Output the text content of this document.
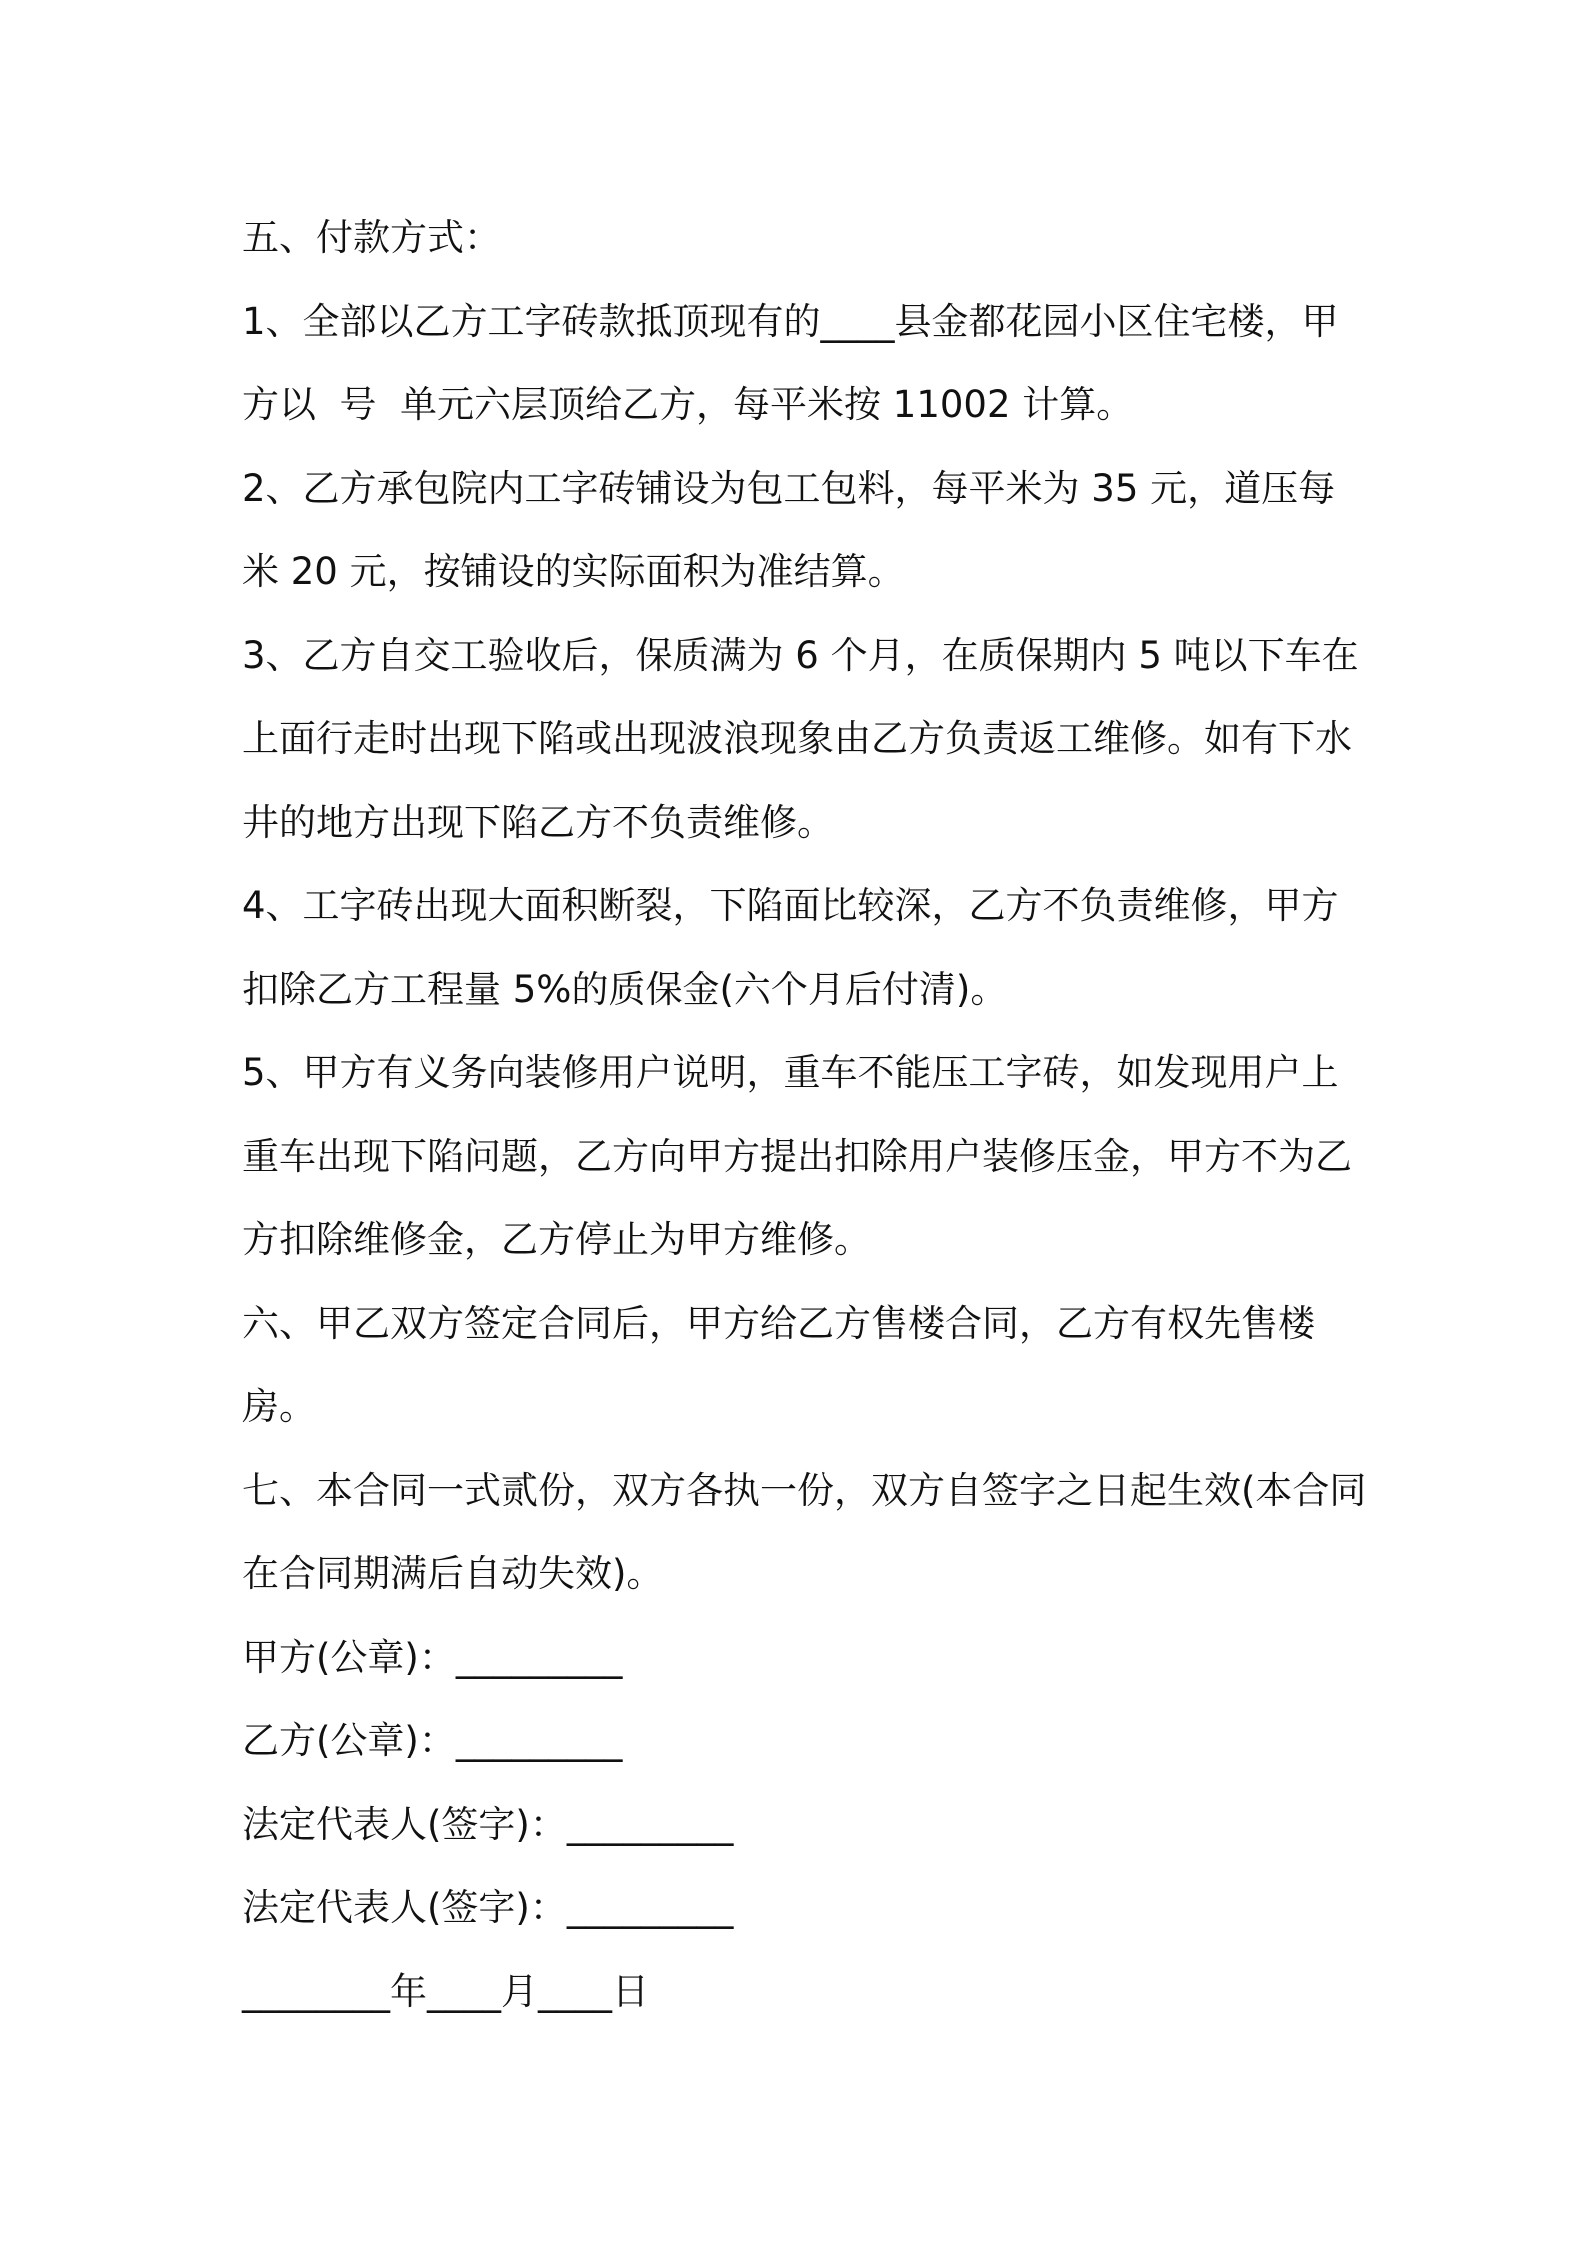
五、付款方式：

1、全部以乙方工字砖款抵顶现有的____县金都花园小区住宅楼，甲方以  号  单元六层顶给乙方，每平米按 11002 计算。

2、乙方承包院内工字砖铺设为包工包料，每平米为 35 元，道压每米 20 元，按铺设的实际面积为准结算。

3、乙方自交工验收后，保质满为 6 个月，在质保期内 5 吨以下车在上面行走时出现下陷或出现波浪现象由乙方负责返工维修。如有下水井的地方出现下陷乙方不负责维修。

4、工字砖出现大面积断裂，下陷面比较深，乙方不负责维修，甲方扣除乙方工程量 5%的质保金(六个月后付清)。

5、甲方有义务向装修用户说明，重车不能压工字砖，如发现用户上重车出现下陷问题，乙方向甲方提出扣除用户装修压金，甲方不为乙方扣除维修金，乙方停止为甲方维修。

六、甲乙双方签定合同后，甲方给乙方售楼合同，乙方有权先售楼房。

七、本合同一式贰份，双方各执一份，双方自签字之日起生效(本合同在合同期满后自动失效)。

甲方(公章)：_________

乙方(公章)：_________

法定代表人(签字)：_________

法定代表人(签字)：_________

________年____月____日
